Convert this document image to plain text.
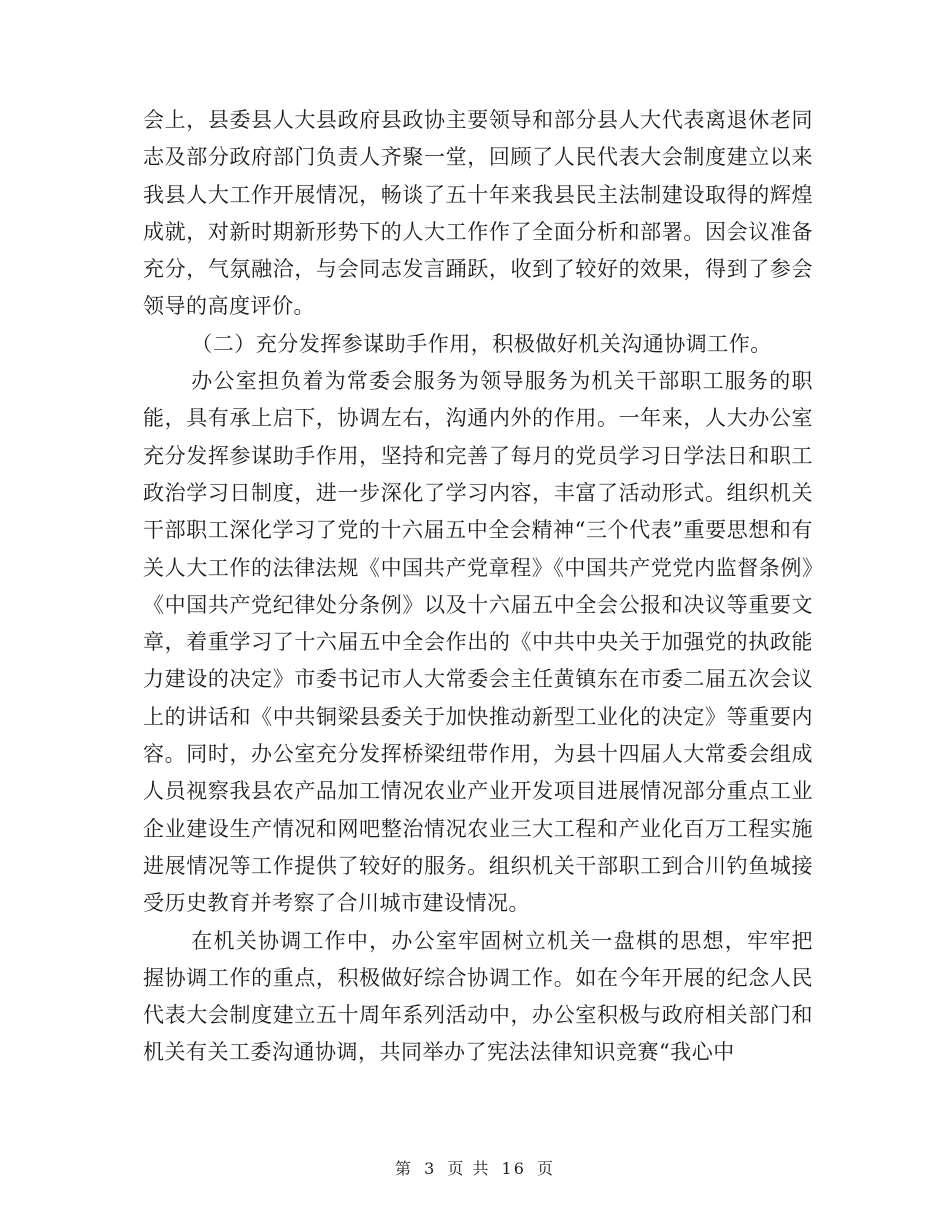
会上，县委县人大县政府县政协主要领导和部分县人大代表离退休老同志及部分政府部门负责人齐聚一堂，回顾了人民代表大会制度建立以来我县人大工作开展情况，畅谈了五十年来我县民主法制建设取得的辉煌成就，对新时期新形势下的人大工作作了全面分析和部署。因会议准备充分，气氛融洽，与会同志发言踊跃，收到了较好的效果，得到了参会领导的高度评价。

（二）充分发挥参谋助手作用，积极做好机关沟通协调工作。

办公室担负着为常委会服务为领导服务为机关干部职工服务的职能，具有承上启下，协调左右，沟通内外的作用。一年来，人大办公室充分发挥参谋助手作用，坚持和完善了每月的党员学习日学法日和职工政治学习日制度，进一步深化了学习内容，丰富了活动形式。组织机关干部职工深化学习了党的十六届五中全会精神“三个代表”重要思想和有关人大工作的法律法规《中国共产党章程》《中国共产党党内监督条例》《中国共产党纪律处分条例》以及十六届五中全会公报和决议等重要文章，着重学习了十六届五中全会作出的《中共中央关于加强党的执政能力建设的决定》市委书记市人大常委会主任黄镇东在市委二届五次会议上的讲话和《中共铜梁县委关于加快推动新型工业化的决定》等重要内容。同时，办公室充分发挥桥梁纽带作用，为县十四届人大常委会组成人员视察我县农产品加工情况农业产业开发项目进展情况部分重点工业企业建设生产情况和网吧整治情况农业三大工程和产业化百万工程实施进展情况等工作提供了较好的服务。组织机关干部职工到合川钓鱼城接受历史教育并考察了合川城市建设情况。

在机关协调工作中，办公室牢固树立机关一盘棋的思想，牢牢把握协调工作的重点，积极做好综合协调工作。如在今年开展的纪念人民代表大会制度建立五十周年系列活动中，办公室积极与政府相关部门和机关有关工委沟通协调，共同举办了宪法法律知识竞赛“我心中

第 3 页 共 16 页
